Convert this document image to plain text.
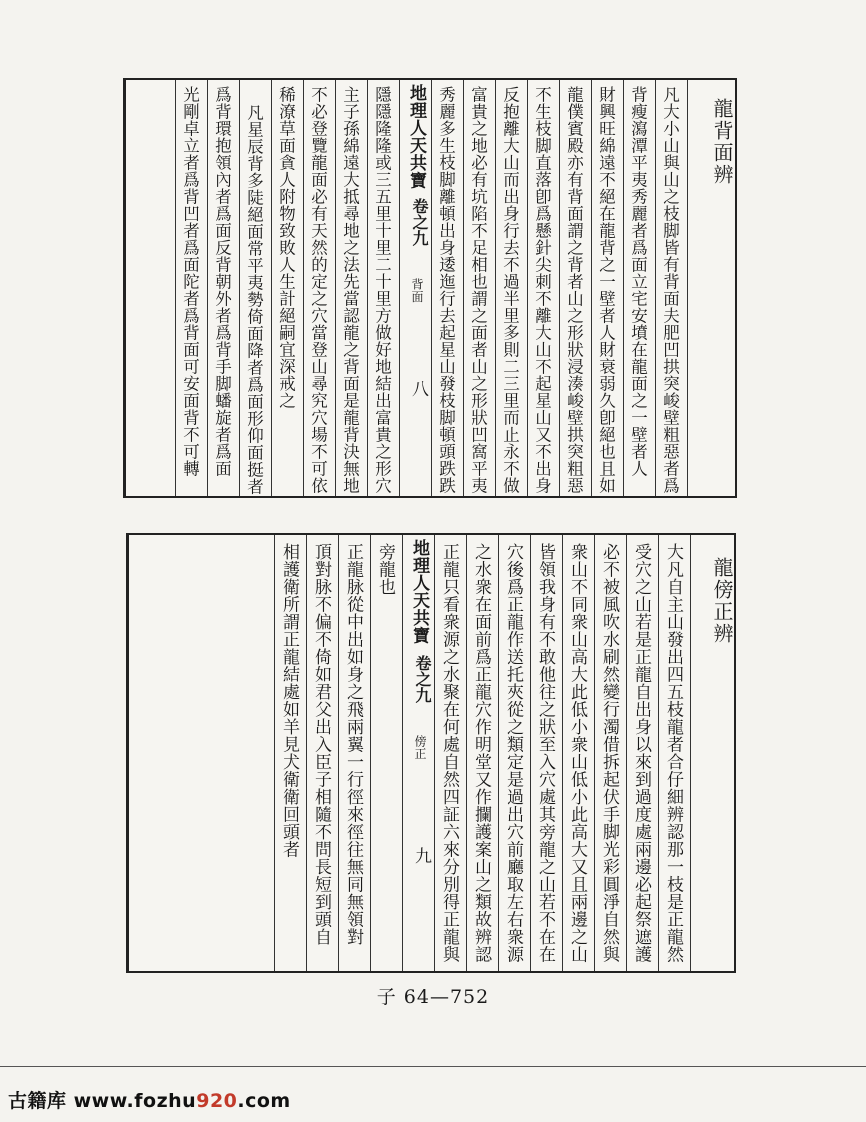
龍背面辨
凡大小山與山之枝脚皆有背面夫肥凹拱突峻壁粗惡者爲
背瘦瀉潭平夷秀麗者爲面立宅安墳在龍面之一壁者人
財興旺綿遠不絕在龍背之一壁者人財衰弱久卽絕也且如
龍僕賓殿亦有背面謂之背者山之形狀浸湊峻壁拱突粗惡
不生枝脚直落卽爲懸針尖刺不離大山不起星山又不出身
反抱離大山而出身行去不過半里多則二三里而止永不做
富貴之地必有坑陷不足相也謂之面者山之形狀凹窩平夷
秀麗多生枝脚離頓出身逶迤行去起星山發枝脚頓頭跌跌
地理人天共寶
卷之九
背面
八
隱隱隆隆或三五里十里二十里方做好地結出富貴之形穴
主子孫綿遠大抵尋地之法先當認龍之背面是龍背決無地
不必登覽龍面必有天然的定之穴當登山尋究穴場不可依
稀潦草面貪人附物致敗人生計絕嗣宜深戒之
凡星辰背多陡絕面常平夷勢倚面降者爲面形仰面挺者
爲背環抱領內者爲面反背朝外者爲背手脚蟠旋者爲面
光剛卓立者爲背凹者爲面陀者爲背面可安面背不可轉
龍傍正辨
大凡自主山發出四五枝龍者合仔細辨認那一枝是正龍然
受穴之山若是正龍自出身以來到過度處兩邊必起祭遮護
必不被風吹水刷然變行濁借拆起伏手脚光彩圓淨自然與
衆山不同衆山高大此低小衆山低小此高大又且兩邊之山
皆領我身有不敢他往之狀至入穴處其旁龍之山若不在在
穴後爲正龍作送托夾從之類定是過出穴前廳取左右衆源
之水衆在面前爲正龍穴作明堂又作攔護案山之類故辨認
正龍只看衆源之水聚在何處自然四証六來分別得正龍與
地理人天共寶
卷之九
傍正
九
旁龍也
正龍脉從中出如身之飛兩翼一行徑來徑往無同無領對
頂對脉不偏不倚如君父出入臣子相隨不問長短到頭自
相護衛所謂正龍結處如羊見犬衛衛回頭者
子 64—752
古籍库 www.fozhu920.com
